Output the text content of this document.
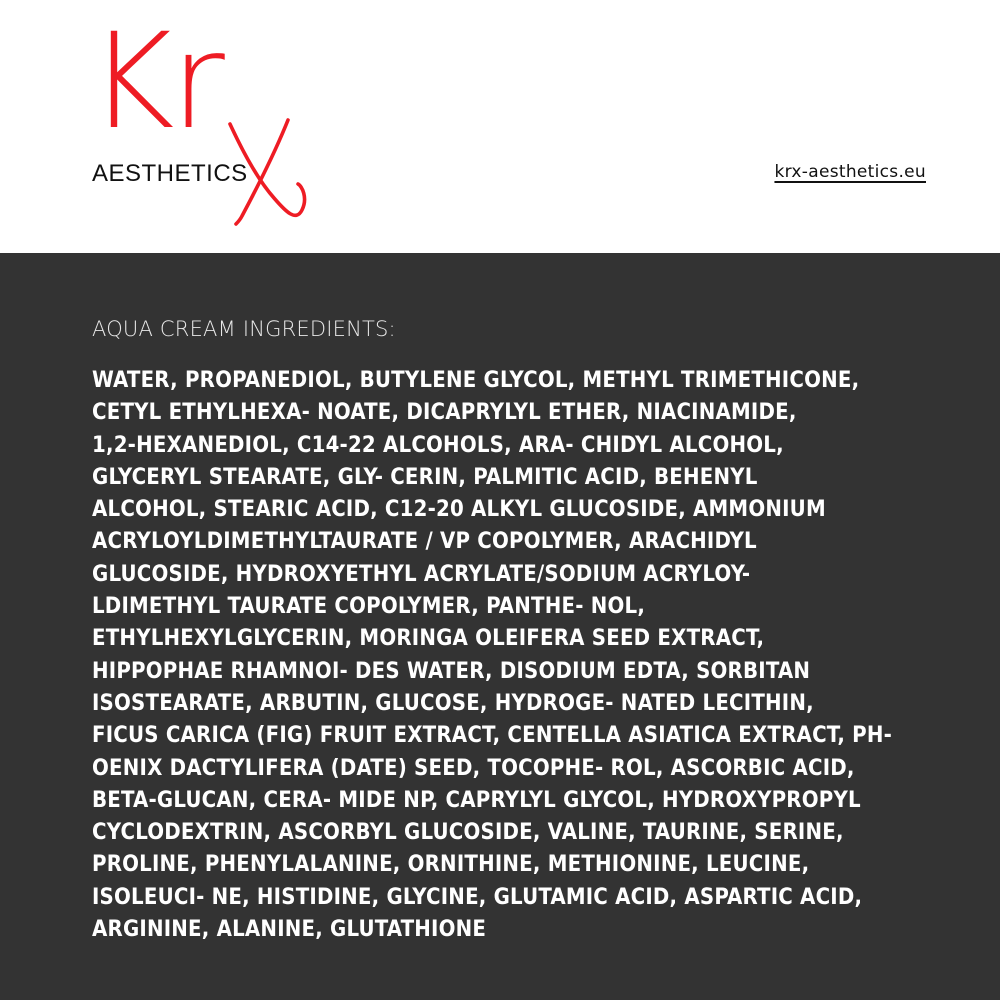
Kr
AESTHETICS	krx-aesthetics.eu
AQUA CREAM INGREDIENTS:
WATER, PROPANEDIOL, BUTYLENE GLYCOL, METHYL TRIMETHICONE,
CETYL ETHYLHEXA- NOATE, DICAPRYLYL ETHER, NIACINAMIDE,
1,2-HEXANEDIOL, C14-22 ALCOHOLS, ARA- CHIDYL ALCOHOL,
GLYCERYL STEARATE, GLY- CERIN, PALMITIC ACID, BEHENYL
ALCOHOL, STEARIC ACID, C12-20 ALKYL GLUCOSIDE, AMMONIUM
ACRYLOYLDIMETHYLTAURATE / VP COPOLYMER, ARACHIDYL
GLUCOSIDE, HYDROXYETHYL ACRYLATE/SODIUM ACRYLOY-
LDIMETHYL TAURATE COPOLYMER, PANTHE- NOL,
ETHYLHEXYLGLYCERIN, MORINGA OLEIFERA SEED EXTRACT,
HIPPOPHAE RHAMNOI- DES WATER, DISODIUM EDTA, SORBITAN
ISOSTEARATE, ARBUTIN, GLUCOSE, HYDROGE- NATED LECITHIN,
FICUS CARICA (FIG) FRUIT EXTRACT, CENTELLA ASIATICA EXTRACT, PH-
OENIX DACTYLIFERA (DATE) SEED, TOCOPHE- ROL, ASCORBIC ACID,
BETA-GLUCAN, CERA- MIDE NP, CAPRYLYL GLYCOL, HYDROXYPROPYL
CYCLODEXTRIN, ASCORBYL GLUCOSIDE, VALINE, TAURINE, SERINE,
PROLINE, PHENYLALANINE, ORNITHINE, METHIONINE, LEUCINE,
ISOLEUCI- NE, HISTIDINE, GLYCINE, GLUTAMIC ACID, ASPARTIC ACID,
ARGININE, ALANINE, GLUTATHIONE
